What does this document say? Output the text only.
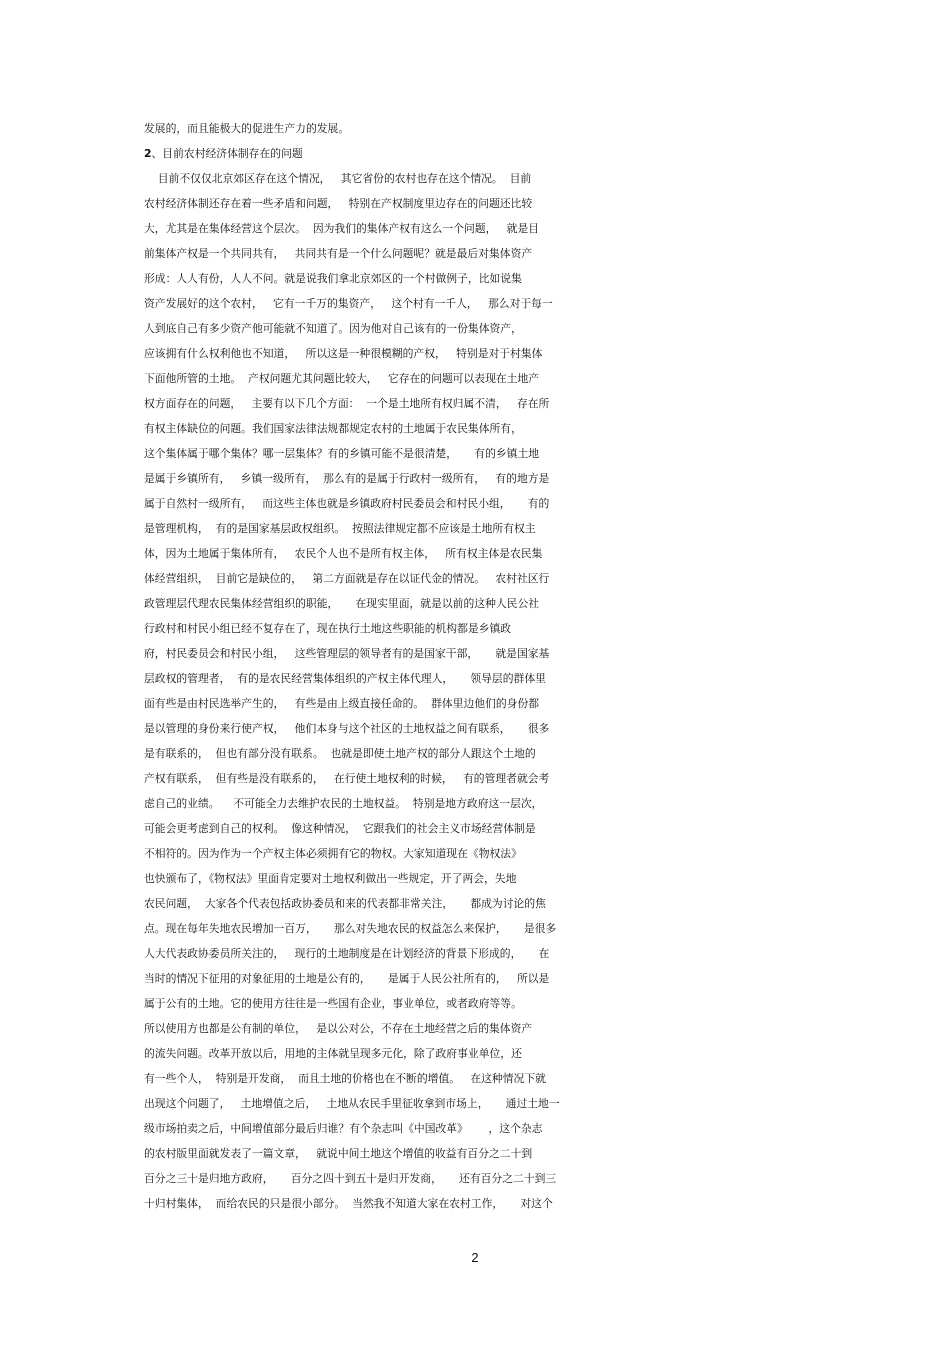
发展的，而且能极大的促进生产力的发展。
2、目前农村经济体制存在的问题
目前不仅仅北京郊区存在这个情况，   其它省份的农村也存在这个情况。  目前
农村经济体制还存在着一些矛盾和问题，   特别在产权制度里边存在的问题还比较
大，尤其是在集体经营这个层次。  因为我们的集体产权有这么一个问题，   就是目
前集体产权是一个共同共有，   共同共有是一个什么问题呢？就是最后对集体资产
形成：人人有份，人人不问。就是说我们拿北京郊区的一个村做例子，比如说集
资产发展好的这个农村，   它有一千万的集资产，   这个村有一千人，   那么对于每一
人到底自己有多少资产他可能就不知道了。因为他对自己该有的一份集体资产，
应该拥有什么权利他也不知道，   所以这是一种很模糊的产权，   特别是对于村集体
下面他所管的土地。  产权问题尤其问题比较大，   它存在的问题可以表现在土地产
权方面存在的问题，   主要有以下几个方面：  一个是土地所有权归属不清，   存在所
有权主体缺位的问题。我们国家法律法规都规定农村的土地属于农民集体所有，
这个集体属于哪个集体？哪一层集体？有的乡镇可能不是很清楚，     有的乡镇土地
是属于乡镇所有，   乡镇一级所有，  那么有的是属于行政村一级所有，   有的地方是
属于自然村一级所有，   而这些主体也就是乡镇政府村民委员会和村民小组，     有的
是管理机构，  有的是国家基层政权组织。  按照法律规定都不应该是土地所有权主
体，因为土地属于集体所有，   农民个人也不是所有权主体，   所有权主体是农民集
体经营组织，  目前它是缺位的，   第二方面就是存在以证代金的情况。   农村社区行
政管理层代理农民集体经营组织的职能，     在现实里面，就是以前的这种人民公社
行政村和村民小组已经不复存在了，现在执行土地这些职能的机构都是乡镇政
府，村民委员会和村民小组，   这些管理层的领导者有的是国家干部，     就是国家基
层政权的管理者，  有的是农民经营集体组织的产权主体代理人，     领导层的群体里
面有些是由村民选举产生的，   有些是由上级直接任命的。  群体里边他们的身份都
是以管理的身份来行使产权，   他们本身与这个社区的土地权益之间有联系，     很多
是有联系的，  但也有部分没有联系。  也就是即使土地产权的部分人跟这个土地的
产权有联系，  但有些是没有联系的，   在行使土地权利的时候，   有的管理者就会考
虑自己的业绩。    不可能全力去维护农民的土地权益。  特别是地方政府这一层次，
可能会更考虑到自己的权利。  像这种情况，  它跟我们的社会主义市场经营体制是
不相符的。因为作为一个产权主体必须拥有它的物权。大家知道现在《物权法》
也快颁布了，《物权法》里面肯定要对土地权利做出一些规定，开了两会，失地
农民问题，  大家各个代表包括政协委员和来的代表都非常关注，     都成为讨论的焦
点。现在每年失地农民增加一百万，     那么对失地农民的权益怎么来保护，     是很多
人大代表政协委员所关注的，   现行的土地制度是在计划经济的背景下形成的，     在
当时的情况下征用的对象征用的土地是公有的，     是属于人民公社所有的，   所以是
属于公有的土地。它的使用方往往是一些国有企业，事业单位，或者政府等等。
所以使用方也都是公有制的单位，   是以公对公，不存在土地经营之后的集体资产
的流失问题。改革开放以后，用地的主体就呈现多元化，除了政府事业单位，还
有一些个人，  特别是开发商，  而且土地的价格也在不断的增值。   在这种情况下就
出现这个问题了，   土地增值之后，   土地从农民手里征收拿到市场上，     通过土地一
级市场拍卖之后，中间增值部分最后归谁？有个杂志叫《中国改革》      ，这个杂志
的农村版里面就发表了一篇文章，   就说中间土地这个增值的收益有百分之二十到
百分之三十是归地方政府，     百分之四十到五十是归开发商，     还有百分之二十到三
十归村集体，  而给农民的只是很小部分。  当然我不知道大家在农村工作，     对这个
2
